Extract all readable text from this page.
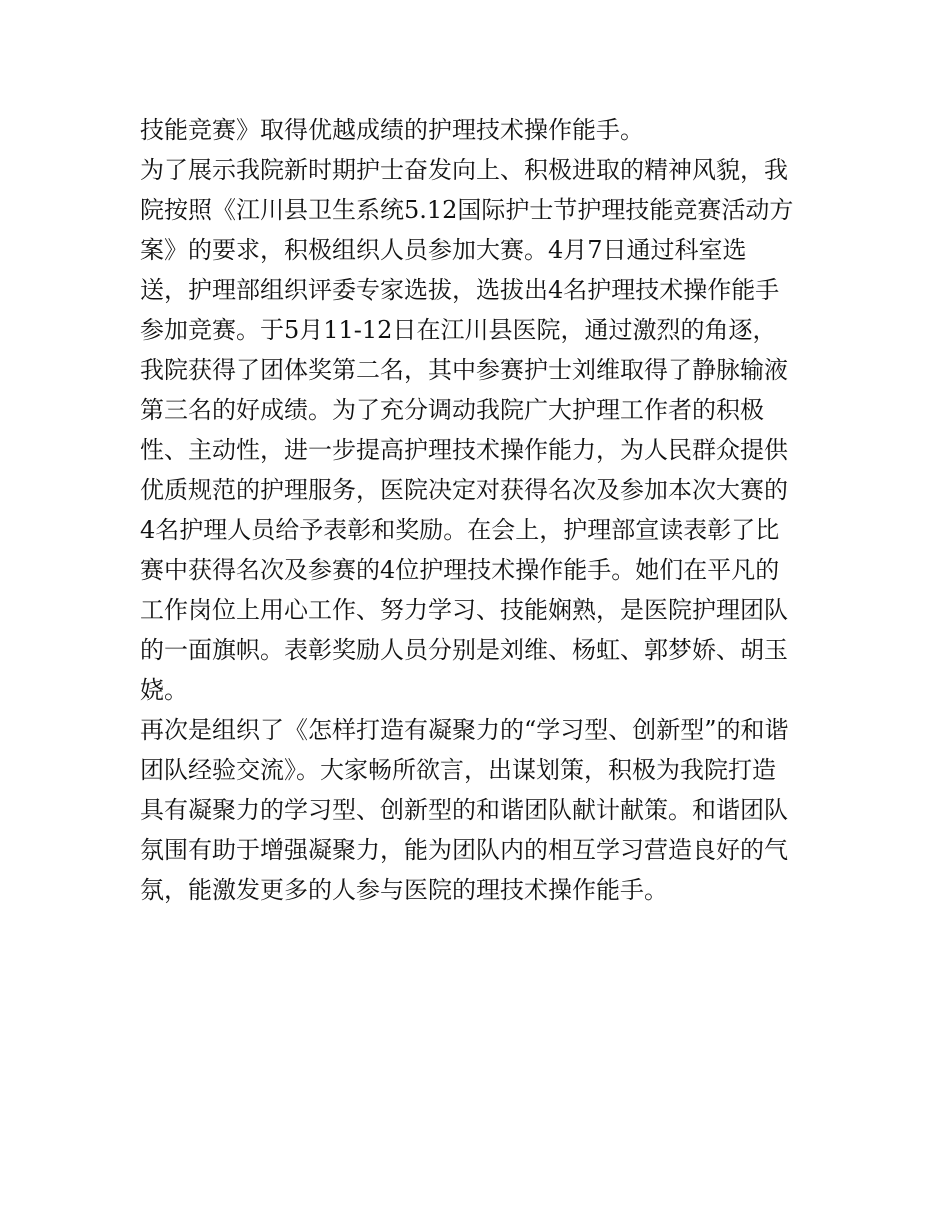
技能竞赛》取得优越成绩的护理技术操作能手。

为了展示我院新时期护士奋发向上、积极进取的精神风貌，我

院按照《江川县卫生系统5.12国际护士节护理技能竞赛活动方

案》的要求，积极组织人员参加大赛。4月7日通过科室选

送，护理部组织评委专家选拔，选拔出4名护理技术操作能手

参加竞赛。于5月11-12日在江川县医院，通过激烈的角逐，

我院获得了团体奖第二名，其中参赛护士刘维取得了静脉输液

第三名的好成绩。为了充分调动我院广大护理工作者的积极

性、主动性，进一步提高护理技术操作能力，为人民群众提供

优质规范的护理服务，医院决定对获得名次及参加本次大赛的

4名护理人员给予表彰和奖励。在会上，护理部宣读表彰了比

赛中获得名次及参赛的4位护理技术操作能手。她们在平凡的

工作岗位上用心工作、努力学习、技能娴熟，是医院护理团队

的一面旗帜。表彰奖励人员分别是刘维、杨虹、郭梦娇、胡玉

娆。

再次是组织了《怎样打造有凝聚力的“学习型、创新型”的和谐

团队经验交流》。大家畅所欲言，出谋划策，积极为我院打造

具有凝聚力的学习型、创新型的和谐团队献计献策。和谐团队

氛围有助于增强凝聚力，能为团队内的相互学习营造良好的气

氛，能激发更多的人参与医院的理技术操作能手。
